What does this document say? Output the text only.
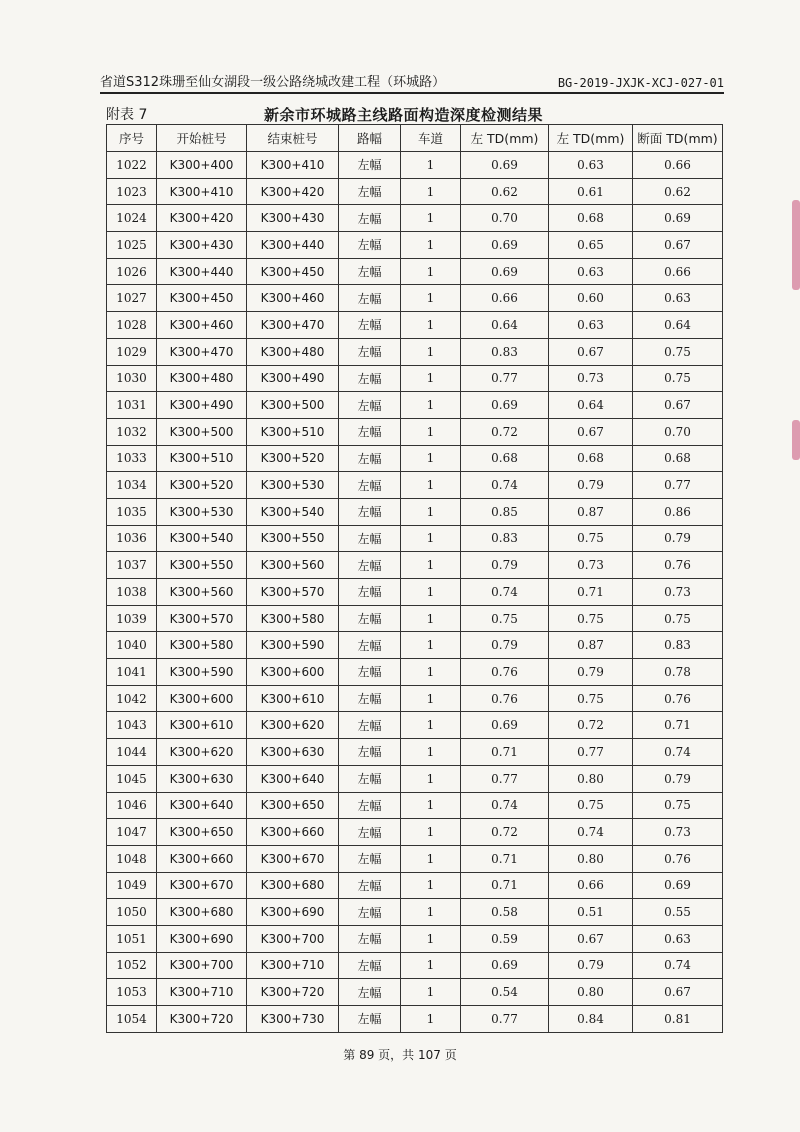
省道S312珠珊至仙女湖段一级公路绕城改建工程（环城路）	BG-2019-JXJK-XCJ-027-01
附表 7	新余市环城路主线路面构造深度检测结果
序号	开始桩号	结束桩号	路幅	车道	左 TD(mm)	左 TD(mm)	断面 TD(mm)
1022	K300+400	K300+410	左幅	1	0.69	0.63	0.66
1023	K300+410	K300+420	左幅	1	0.62	0.61	0.62
1024	K300+420	K300+430	左幅	1	0.70	0.68	0.69
1025	K300+430	K300+440	左幅	1	0.69	0.65	0.67
1026	K300+440	K300+450	左幅	1	0.69	0.63	0.66
1027	K300+450	K300+460	左幅	1	0.66	0.60	0.63
1028	K300+460	K300+470	左幅	1	0.64	0.63	0.64
1029	K300+470	K300+480	左幅	1	0.83	0.67	0.75
1030	K300+480	K300+490	左幅	1	0.77	0.73	0.75
1031	K300+490	K300+500	左幅	1	0.69	0.64	0.67
1032	K300+500	K300+510	左幅	1	0.72	0.67	0.70
1033	K300+510	K300+520	左幅	1	0.68	0.68	0.68
1034	K300+520	K300+530	左幅	1	0.74	0.79	0.77
1035	K300+530	K300+540	左幅	1	0.85	0.87	0.86
1036	K300+540	K300+550	左幅	1	0.83	0.75	0.79
1037	K300+550	K300+560	左幅	1	0.79	0.73	0.76
1038	K300+560	K300+570	左幅	1	0.74	0.71	0.73
1039	K300+570	K300+580	左幅	1	0.75	0.75	0.75
1040	K300+580	K300+590	左幅	1	0.79	0.87	0.83
1041	K300+590	K300+600	左幅	1	0.76	0.79	0.78
1042	K300+600	K300+610	左幅	1	0.76	0.75	0.76
1043	K300+610	K300+620	左幅	1	0.69	0.72	0.71
1044	K300+620	K300+630	左幅	1	0.71	0.77	0.74
1045	K300+630	K300+640	左幅	1	0.77	0.80	0.79
1046	K300+640	K300+650	左幅	1	0.74	0.75	0.75
1047	K300+650	K300+660	左幅	1	0.72	0.74	0.73
1048	K300+660	K300+670	左幅	1	0.71	0.80	0.76
1049	K300+670	K300+680	左幅	1	0.71	0.66	0.69
1050	K300+680	K300+690	左幅	1	0.58	0.51	0.55
1051	K300+690	K300+700	左幅	1	0.59	0.67	0.63
1052	K300+700	K300+710	左幅	1	0.69	0.79	0.74
1053	K300+710	K300+720	左幅	1	0.54	0.80	0.67
1054	K300+720	K300+730	左幅	1	0.77	0.84	0.81
第 89 页，共 107 页
